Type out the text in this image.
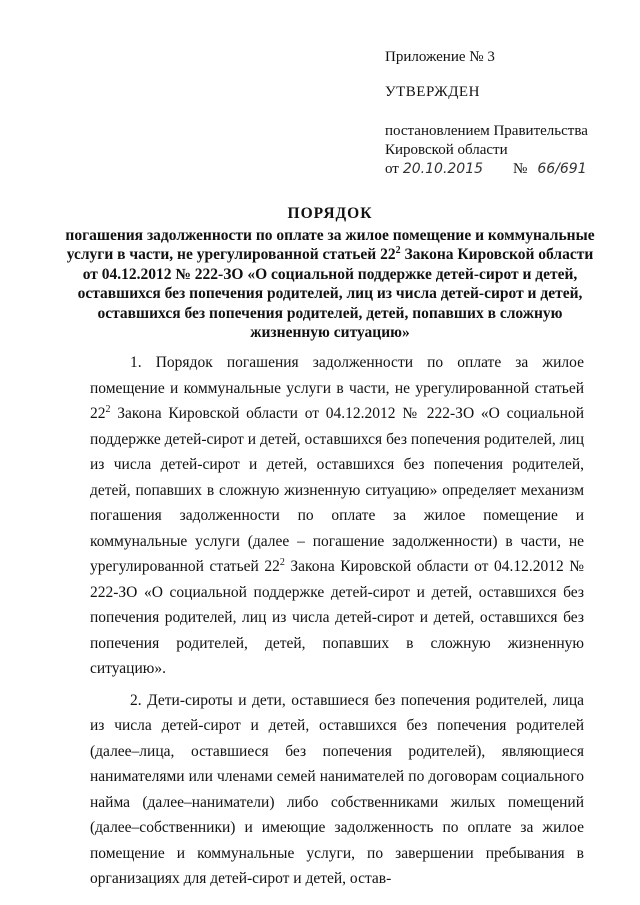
Приложение № 3
УТВЕРЖДЕН
постановлением Правительства
Кировской области
от 20.10.2015 № 66/691
ПОРЯДОК
погашения задолженности по оплате за жилое помещение и коммунальные услуги в части, не урегулированной статьей $22^2$ Закона Кировской области от 04.12.2012 № 222-ЗО «О социальной поддержке детей-сирот и детей, оставшихся без попечения родителей, лиц из числа детей-сирот и детей, оставшихся без попечения родителей, детей, попавших в сложную жизненную ситуацию»

1. Порядок погашения задолженности по оплате за жилое помещение и коммунальные услуги в части, не урегулированной статьей $22^2$ Закона Кировской области от 04.12.2012 № 222-ЗО «О социальной поддержке детей-сирот и детей, оставшихся без попечения родителей, лиц из числа детей-сирот и детей, оставшихся без попечения родителей, детей, попавших в сложную жизненную ситуацию» определяет механизм погашения задолженности по оплате за жилое помещение и коммунальные услуги (далее – погашение задолженности) в части, не урегулированной статьей $22^2$ Закона Кировской области от 04.12.2012 № 222-ЗО «О социальной поддержке детей-сирот и детей, оставшихся без попечения родителей, лиц из числа детей-сирот и детей, оставшихся без попечения родителей, детей, попавших в сложную жизненную ситуацию».

2. Дети-сироты и дети, оставшиеся без попечения родителей, лица из числа детей-сирот и детей, оставшихся без попечения родителей (далее–лица, оставшиеся без попечения родителей), являющиеся нанимателями или членами семей нанимателей по договорам социального найма (далее–наниматели) либо собственниками жилых помещений (далее–собственники) и имеющие задолженность по оплате за жилое помещение и коммунальные услуги, по завершении пребывания в организациях для детей-сирот и детей, остав-
